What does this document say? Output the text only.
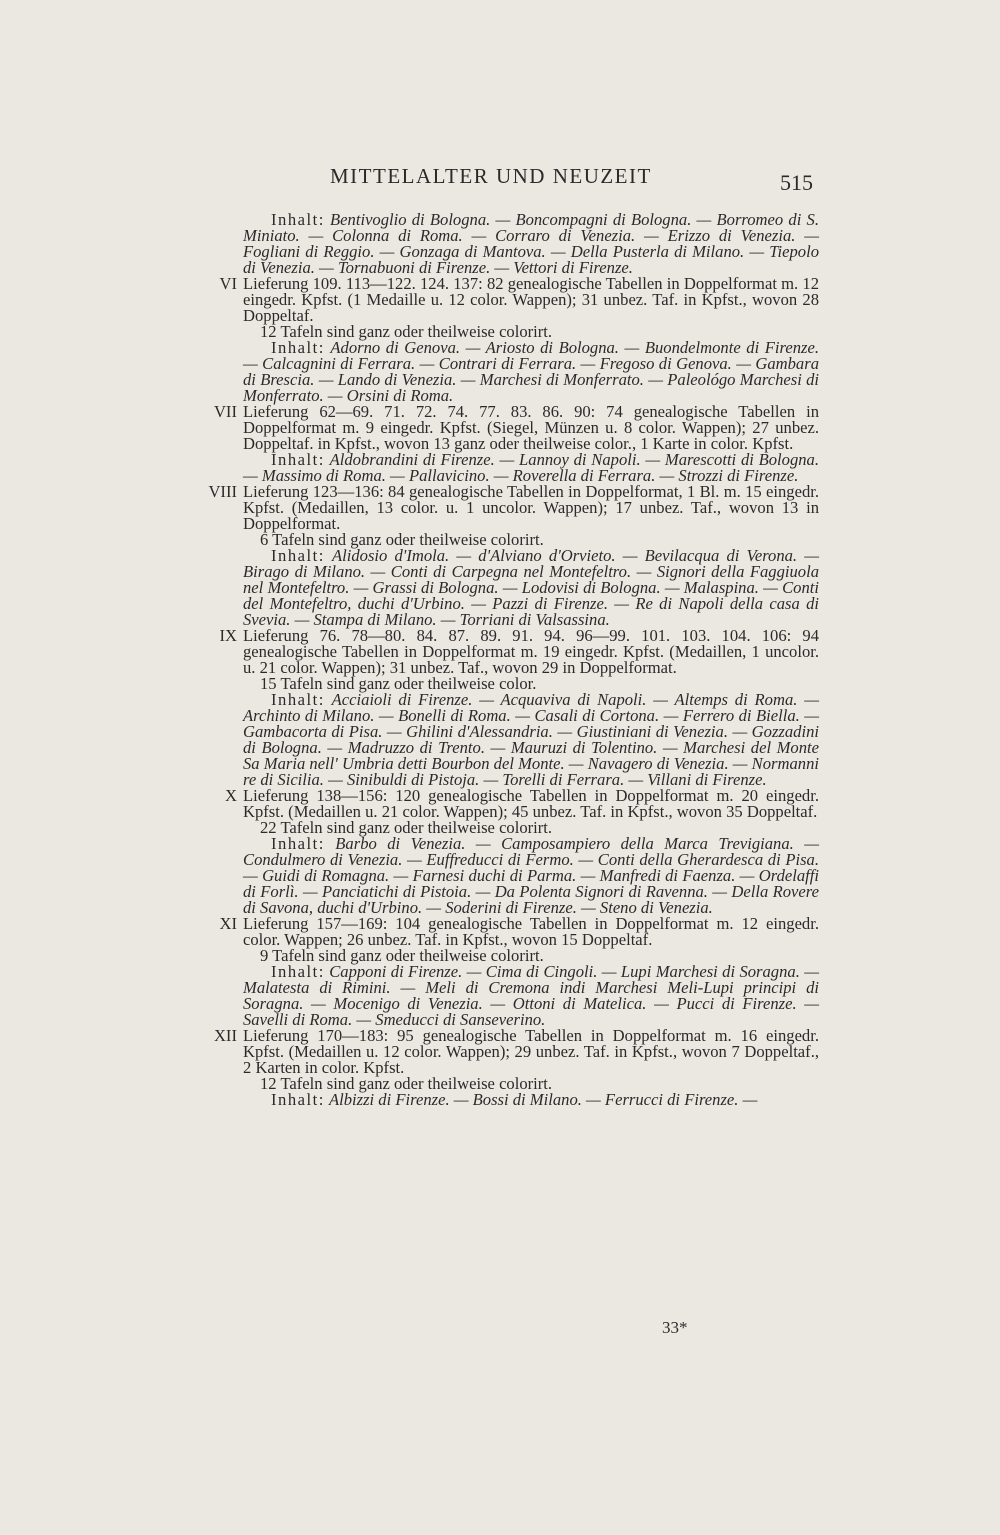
MITTELALTER UND NEUZEIT	515

Inhalt: Bentivoglio di Bologna. — Boncompagni di Bologna. — Borromeo di S. Miniato. — Colonna di Roma. — Corraro di Venezia. — Erizzo di Venezia. — Fogliani di Reggio. — Gonzaga di Mantova. — Della Pusterla di Milano. — Tiepolo di Venezia. — Tornabuoni di Firenze. — Vettori di Firenze.

VI Lieferung 109. 113—122. 124. 137: 82 genealogische Tabellen in Doppelformat m. 12 eingedr. Kpfst. (1 Medaille u. 12 color. Wappen); 31 unbez. Taf. in Kpfst., wovon 28 Doppeltaf.

12 Tafeln sind ganz oder theilweise colorirt.

Inhalt: Adorno di Genova. — Ariosto di Bologna. — Buondelmonte di Firenze. — Calcagnini di Ferrara. — Contrari di Ferrara. — Fregoso di Genova. — Gambara di Brescia. — Lando di Venezia. — Marchesi di Monferrato. — Paleológo Marchesi di Monferrato. — Orsini di Roma.

VII Lieferung 62—69. 71. 72. 74. 77. 83. 86. 90: 74 genealogische Tabellen in Doppelformat m. 9 eingedr. Kpfst. (Siegel, Münzen u. 8 color. Wappen); 27 unbez. Doppeltaf. in Kpfst., wovon 13 ganz oder theilweise color., 1 Karte in color. Kpfst.

Inhalt: Aldobrandini di Firenze. — Lannoy di Napoli. — Marescotti di Bologna. — Massimo di Roma. — Pallavicino. — Roverella di Ferrara. — Strozzi di Firenze.

VIII Lieferung 123—136: 84 genealogische Tabellen in Doppelformat, 1 Bl. m. 15 eingedr. Kpfst. (Medaillen, 13 color. u. 1 uncolor. Wappen); 17 unbez. Taf., wovon 13 in Doppelformat.

6 Tafeln sind ganz oder theilweise colorirt.

Inhalt: Alidosio d'Imola. — d'Alviano d'Orvieto. — Bevilacqua di Verona. — Birago di Milano. — Conti di Carpegna nel Montefeltro. — Signori della Faggiuola nel Montefeltro. — Grassi di Bologna. — Lodovisi di Bologna. — Malaspina. — Conti del Montefeltro, duchi d'Urbino. — Pazzi di Firenze. — Re di Napoli della casa di Svevia. — Stampa di Milano. — Torriani di Valsassina.

IX Lieferung 76. 78—80. 84. 87. 89. 91. 94. 96—99. 101. 103. 104. 106: 94 genealogische Tabellen in Doppelformat m. 19 eingedr. Kpfst. (Medaillen, 1 uncolor. u. 21 color. Wappen); 31 unbez. Taf., wovon 29 in Doppelformat.

15 Tafeln sind ganz oder theilweise color.

Inhalt: Acciaioli di Firenze. — Acquaviva di Napoli. — Altemps di Roma. — Archinto di Milano. — Bonelli di Roma. — Casali di Cortona. — Ferrero di Biella. — Gambacorta di Pisa. — Ghilini d'Alessandria. — Giustiniani di Venezia. — Gozzadini di Bologna. — Madruzzo di Trento. — Mauruzi di Tolentino. — Marchesi del Monte Sa Maria nell' Umbria detti Bourbon del Monte. — Navagero di Venezia. — Normanni re di Sicilia. — Sinibuldi di Pistoja. — Torelli di Ferrara. — Villani di Firenze.

X Lieferung 138—156: 120 genealogische Tabellen in Doppelformat m. 20 eingedr. Kpfst. (Medaillen u. 21 color. Wappen); 45 unbez. Taf. in Kpfst., wovon 35 Doppeltaf.

22 Tafeln sind ganz oder theilweise colorirt.

Inhalt: Barbo di Venezia. — Camposampiero della Marca Trevigiana. — Condulmero di Venezia. — Euffreducci di Fermo. — Conti della Gherardesca di Pisa. — Guidi di Romagna. — Farnesi duchi di Parma. — Manfredi di Faenza. — Ordelaffi di Forlì. — Panciatichi di Pistoia. — Da Polenta Signori di Ravenna. — Della Rovere di Savona, duchi d'Urbino. — Soderini di Firenze. — Steno di Venezia.

XI Lieferung 157—169: 104 genealogische Tabellen in Doppelformat m. 12 eingedr. color. Wappen; 26 unbez. Taf. in Kpfst., wovon 15 Doppeltaf.

9 Tafeln sind ganz oder theilweise colorirt.

Inhalt: Capponi di Firenze. — Cima di Cingoli. — Lupi Marchesi di Soragna. — Malatesta di Rimini. — Meli di Cremona indi Marchesi Meli-Lupi principi di Soragna. — Mocenigo di Venezia. — Ottoni di Matelica. — Pucci di Firenze. — Savelli di Roma. — Smeducci di Sanseverino.

XII Lieferung 170—183: 95 genealogische Tabellen in Doppelformat m. 16 eingedr. Kpfst. (Medaillen u. 12 color. Wappen); 29 unbez. Taf. in Kpfst., wovon 7 Doppeltaf., 2 Karten in color. Kpfst.

12 Tafeln sind ganz oder theilweise colorirt.

Inhalt: Albizzi di Firenze. — Bossi di Milano. — Ferrucci di Firenze. —

33*
